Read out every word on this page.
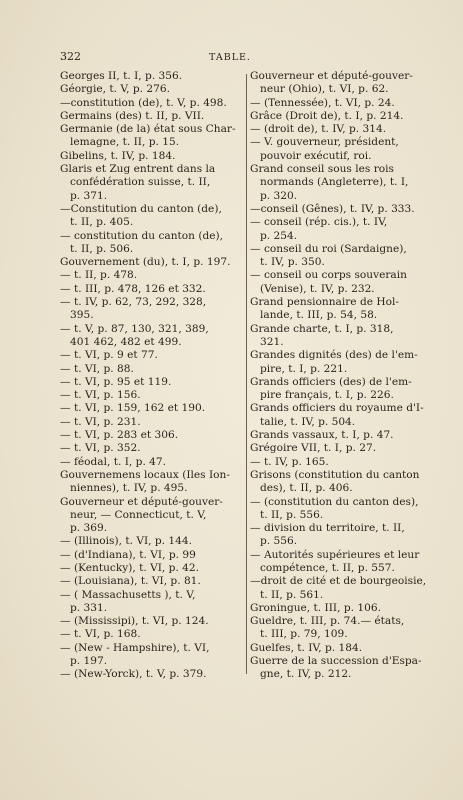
322	TABLE.
Georges II, t. I, p. 356.
Géorgie, t. V, p. 276.
—constitution (de), t. V, p. 498.
Germains (des) t. II, p. VII.
Germanie (de la) état sous Char-
lemagne, t. II, p. 15.
Gibelins, t. IV, p. 184.
Glaris et Zug entrent dans la
confédération suisse, t. II,
p. 371.
—Constitution du canton (de),
t. II, p. 405.
— constitution du canton (de),
t. II, p. 506.
Gouvernement (du), t. I, p. 197.
— t. II, p. 478.
— t. III, p. 478, 126 et 332.
— t. IV, p. 62, 73, 292, 328,
395.
— t. V, p. 87, 130, 321, 389,
401 462, 482 et 499.
— t. VI, p. 9 et 77.
— t. VI, p. 88.
— t. VI, p. 95 et 119.
— t. VI, p. 156.
— t. VI, p. 159, 162 et 190.
— t. VI, p. 231.
— t. VI, p. 283 et 306.
— t. VI, p. 352.
— féodal, t. I, p. 47.
Gouvernemens locaux (Iles Ion-
niennes), t. IV, p. 495.
Gouverneur et député-gouver-
neur, — Connecticut, t. V,
p. 369.
— (Illinois), t. VI, p. 144.
— (d'Indiana), t. VI, p. 99
— (Kentucky), t. VI, p. 42.
— (Louisiana), t. VI, p. 81.
— ( Massachusetts ), t. V,
p. 331.
— (Mississipi), t. VI, p. 124.
— t. VI, p. 168.
— (New - Hampshire), t. VI,
p. 197.
— (New-Yorck), t. V, p. 379.
Gouverneur et député-gouver-
neur (Ohio), t. VI, p. 62.
— (Tennessée), t. VI, p. 24.
Grâce (Droit de), t. I, p. 214.
— (droit de), t. IV, p. 314.
— V. gouverneur, président,
pouvoir exécutif, roi.
Grand conseil sous les rois
normands (Angleterre), t. I,
p. 320.
—conseil (Gênes), t. IV, p. 333.
— conseil (rép. cis.), t. IV,
p. 254.
— conseil du roi (Sardaigne),
t. IV, p. 350.
— conseil ou corps souverain
(Venise), t. IV, p. 232.
Grand pensionnaire de Hol-
lande, t. III, p. 54, 58.
Grande charte, t. I, p. 318,
321.
Grandes dignités (des) de l'em-
pire, t. I, p. 221.
Grands officiers (des) de l'em-
pire français, t. I, p. 226.
Grands officiers du royaume d'I-
talie, t. IV, p. 504.
Grands vassaux, t. I, p. 47.
Grégoire VII, t. I, p. 27.
— t. IV, p. 165.
Grisons (constitution du canton
des), t. II, p. 406.
— (constitution du canton des),
t. II, p. 556.
— division du territoire, t. II,
p. 556.
— Autorités supérieures et leur
compétence, t. II, p. 557.
—droit de cité et de bourgeoisie,
t. II, p. 561.
Groningue, t. III, p. 106.
Gueldre, t. III, p. 74.— états,
t. III, p. 79, 109.
Guelfes, t. IV, p. 184.
Guerre de la succession d'Espa-
gne, t. IV, p. 212.
